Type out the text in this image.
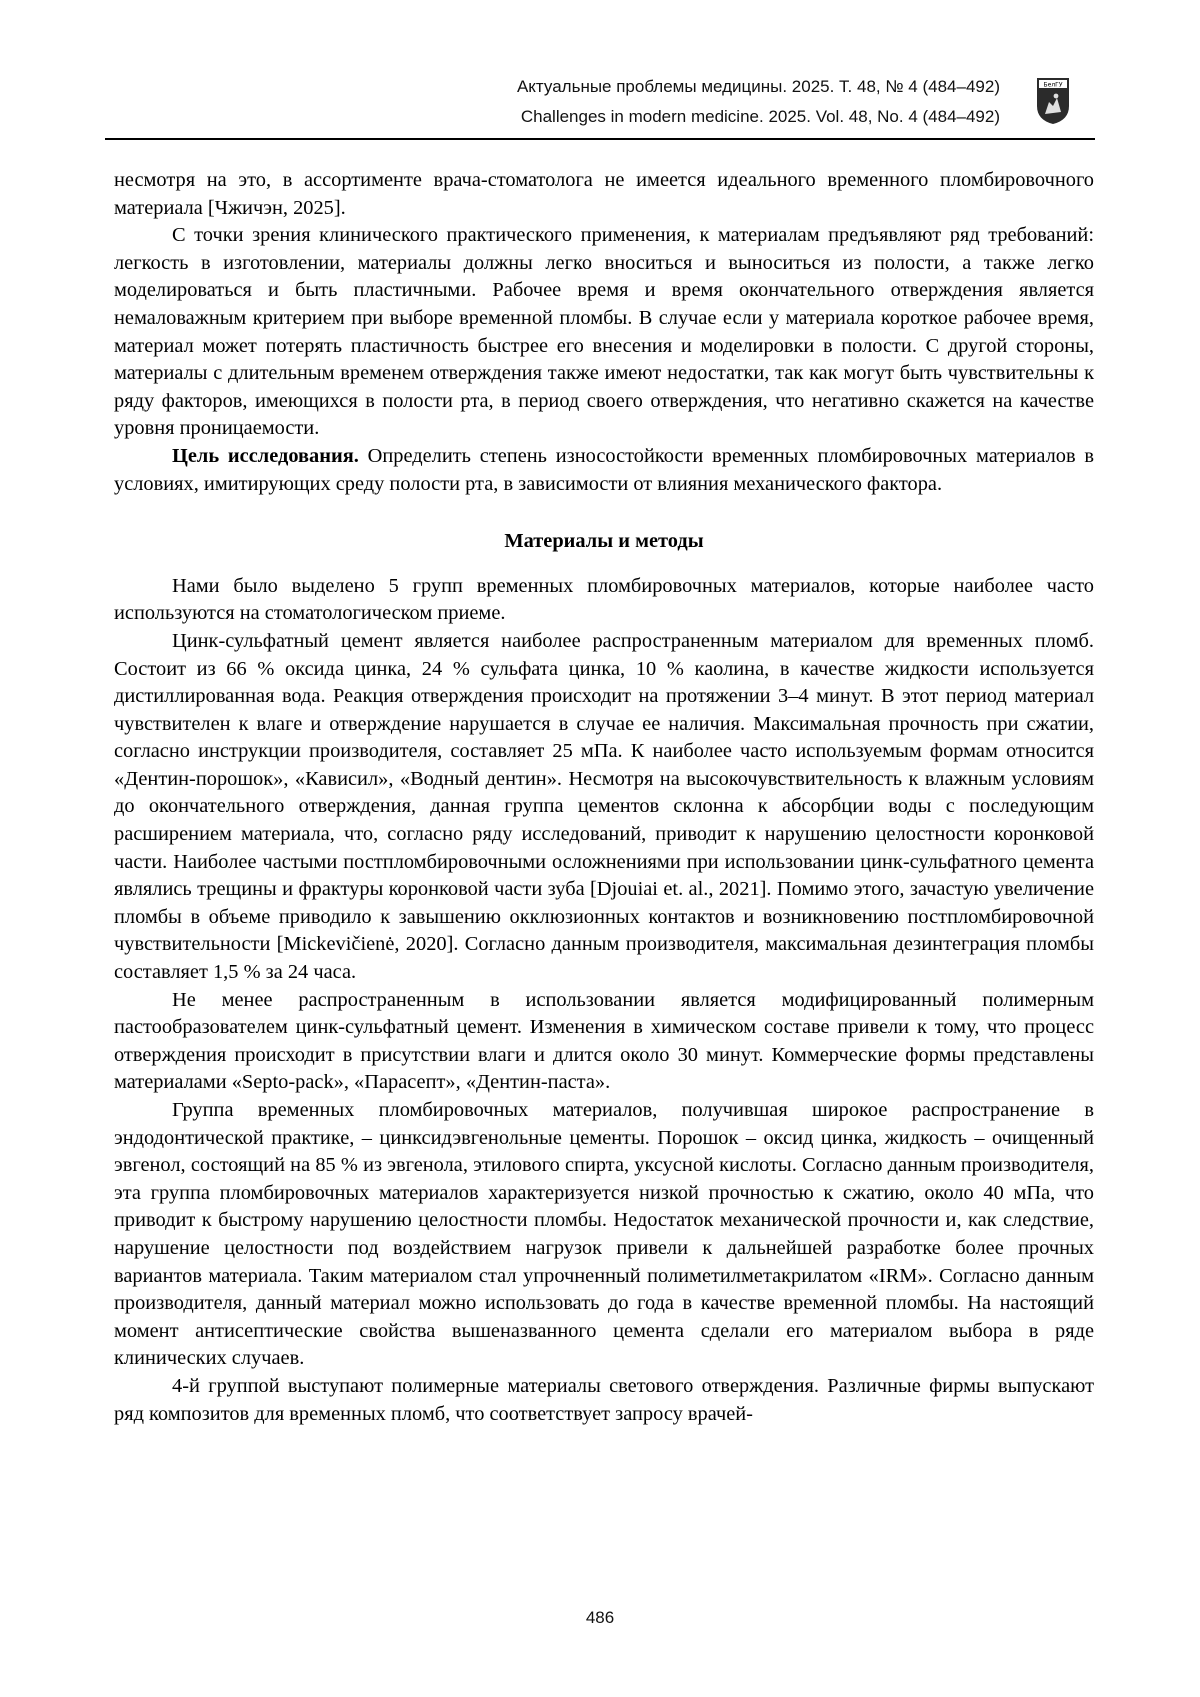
Актуальные проблемы медицины. 2025. Т. 48, № 4 (484–492)
Challenges in modern medicine. 2025. Vol. 48, No. 4 (484–492)
БелГУ

несмотря на это, в ассортименте врача-стоматолога не имеется идеального временного пломбировочного материала [Чжичэн, 2025].

С точки зрения клинического практического применения, к материалам предъявляют ряд требований: легкость в изготовлении, материалы должны легко вноситься и выноситься из полости, а также легко моделироваться и быть пластичными. Рабочее время и время окончательного отверждения является немаловажным критерием при выборе временной пломбы. В случае если у материала короткое рабочее время, материал может потерять пластичность быстрее его внесения и моделировки в полости. С другой стороны, материалы с длительным временем отверждения также имеют недостатки, так как могут быть чувствительны к ряду факторов, имеющихся в полости рта, в период своего отверждения, что негативно скажется на качестве уровня проницаемости.

Цель исследования. Определить степень износостойкости временных пломбировочных материалов в условиях, имитирующих среду полости рта, в зависимости от влияния механического фактора.

Материалы и методы

Нами было выделено 5 групп временных пломбировочных материалов, которые наиболее часто используются на стоматологическом приеме.

Цинк-сульфатный цемент является наиболее распространенным материалом для временных пломб. Состоит из 66 % оксида цинка, 24 % сульфата цинка, 10 % каолина, в качестве жидкости используется дистиллированная вода. Реакция отверждения происходит на протяжении 3–4 минут. В этот период материал чувствителен к влаге и отверждение нарушается в случае ее наличия. Максимальная прочность при сжатии, согласно инструкции производителя, составляет 25 мПа. К наиболее часто используемым формам относится «Дентин-порошок», «Кависил», «Водный дентин». Несмотря на высокочувствительность к влажным условиям до окончательного отверждения, данная группа цементов склонна к абсорбции воды с последующим расширением материала, что, согласно ряду исследований, приводит к нарушению целостности коронковой части. Наиболее частыми постпломбировочными осложнениями при использовании цинк-сульфатного цемента являлись трещины и фрактуры коронковой части зуба [Djouiai et. al., 2021]. Помимо этого, зачастую увеличение пломбы в объеме приводило к завышению окклюзионных контактов и возникновению постпломбировочной чувствительности [Mickevičienė, 2020]. Согласно данным производителя, максимальная дезинтеграция пломбы составляет 1,5 % за 24 часа.

Не менее распространенным в использовании является модифицированный полимерным пастообразователем цинк-сульфатный цемент. Изменения в химическом составе привели к тому, что процесс отверждения происходит в присутствии влаги и длится около 30 минут. Коммерческие формы представлены материалами «Septo-pack», «Парасепт», «Дентин-паста».

Группа временных пломбировочных материалов, получившая широкое распространение в эндодонтической практике, – цинксидэвгенольные цементы. Порошок – оксид цинка, жидкость – очищенный эвгенол, состоящий на 85 % из эвгенола, этилового спирта, уксусной кислоты. Согласно данным производителя, эта группа пломбировочных материалов характеризуется низкой прочностью к сжатию, около 40 мПа, что приводит к быстрому нарушению целостности пломбы. Недостаток механической прочности и, как следствие, нарушение целостности под воздействием нагрузок привели к дальнейшей разработке более прочных вариантов материала. Таким материалом стал упрочненный полиметилметакрилатом «IRM». Согласно данным производителя, данный материал можно использовать до года в качестве временной пломбы. На настоящий момент антисептические свойства вышеназванного цемента сделали его материалом выбора в ряде клинических случаев.

4-й группой выступают полимерные материалы светового отверждения. Различные фирмы выпускают ряд композитов для временных пломб, что соответствует запросу врачей-

486
